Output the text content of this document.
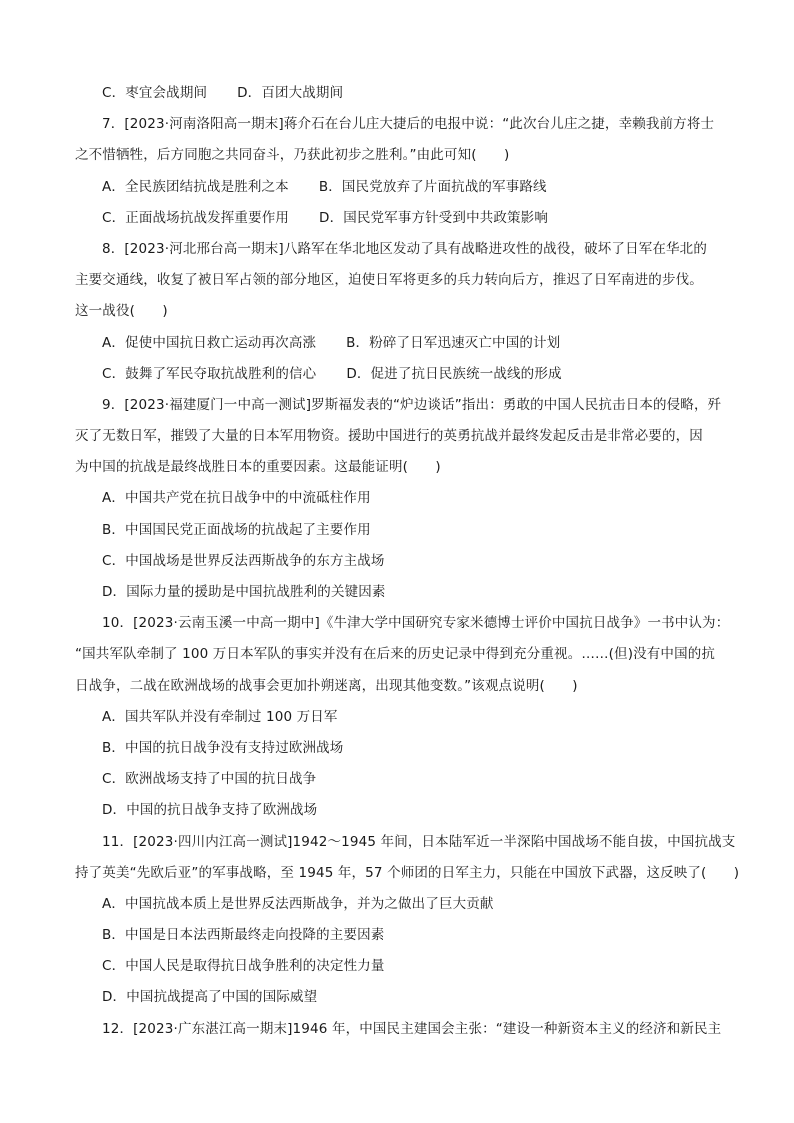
C．枣宜会战期间 D．百团大战期间
7．[2023·河南洛阳高一期末]蒋介石在台儿庄大捷后的电报中说：“此次台儿庄之捷，幸赖我前方将士
之不惜牺牲，后方同胞之共同奋斗，乃获此初步之胜利。”由此可知(　　)
A．全民族团结抗战是胜利之本 B．国民党放弃了片面抗战的军事路线
C．正面战场抗战发挥重要作用 D．国民党军事方针受到中共政策影响
8．[2023·河北邢台高一期末]八路军在华北地区发动了具有战略进攻性的战役，破坏了日军在华北的
主要交通线，收复了被日军占领的部分地区，迫使日军将更多的兵力转向后方，推迟了日军南进的步伐。
这一战役(　　)
A．促使中国抗日救亡运动再次高涨 B．粉碎了日军迅速灭亡中国的计划
C．鼓舞了军民夺取抗战胜利的信心 D．促进了抗日民族统一战线的形成
9．[2023·福建厦门一中高一测试]罗斯福发表的“炉边谈话”指出：勇敢的中国人民抗击日本的侵略，歼
灭了无数日军，摧毁了大量的日本军用物资。援助中国进行的英勇抗战并最终发起反击是非常必要的，因
为中国的抗战是最终战胜日本的重要因素。这最能证明(　　)
A．中国共产党在抗日战争中的中流砥柱作用
B．中国国民党正面战场的抗战起了主要作用
C．中国战场是世界反法西斯战争的东方主战场
D．国际力量的援助是中国抗战胜利的关键因素
10．[2023·云南玉溪一中高一期中]《牛津大学中国研究专家米德博士评价中国抗日战争》一书中认为：
“国共军队牵制了 100 万日本军队的事实并没有在后来的历史记录中得到充分重视。……(但)没有中国的抗
日战争，二战在欧洲战场的战事会更加扑朔迷离，出现其他变数。”该观点说明(　　)
A．国共军队并没有牵制过 100 万日军
B．中国的抗日战争没有支持过欧洲战场
C．欧洲战场支持了中国的抗日战争
D．中国的抗日战争支持了欧洲战场
11．[2023·四川内江高一测试]1942～1945 年间，日本陆军近一半深陷中国战场不能自拔，中国抗战支
持了英美“先欧后亚”的军事战略，至 1945 年，57 个师团的日军主力，只能在中国放下武器，这反映了(　　)
A．中国抗战本质上是世界反法西斯战争，并为之做出了巨大贡献
B．中国是日本法西斯最终走向投降的主要因素
C．中国人民是取得抗日战争胜利的决定性力量
D．中国抗战提高了中国的国际威望
12．[2023·广东湛江高一期末]1946 年，中国民主建国会主张：“建设一种新资本主义的经济和新民主
